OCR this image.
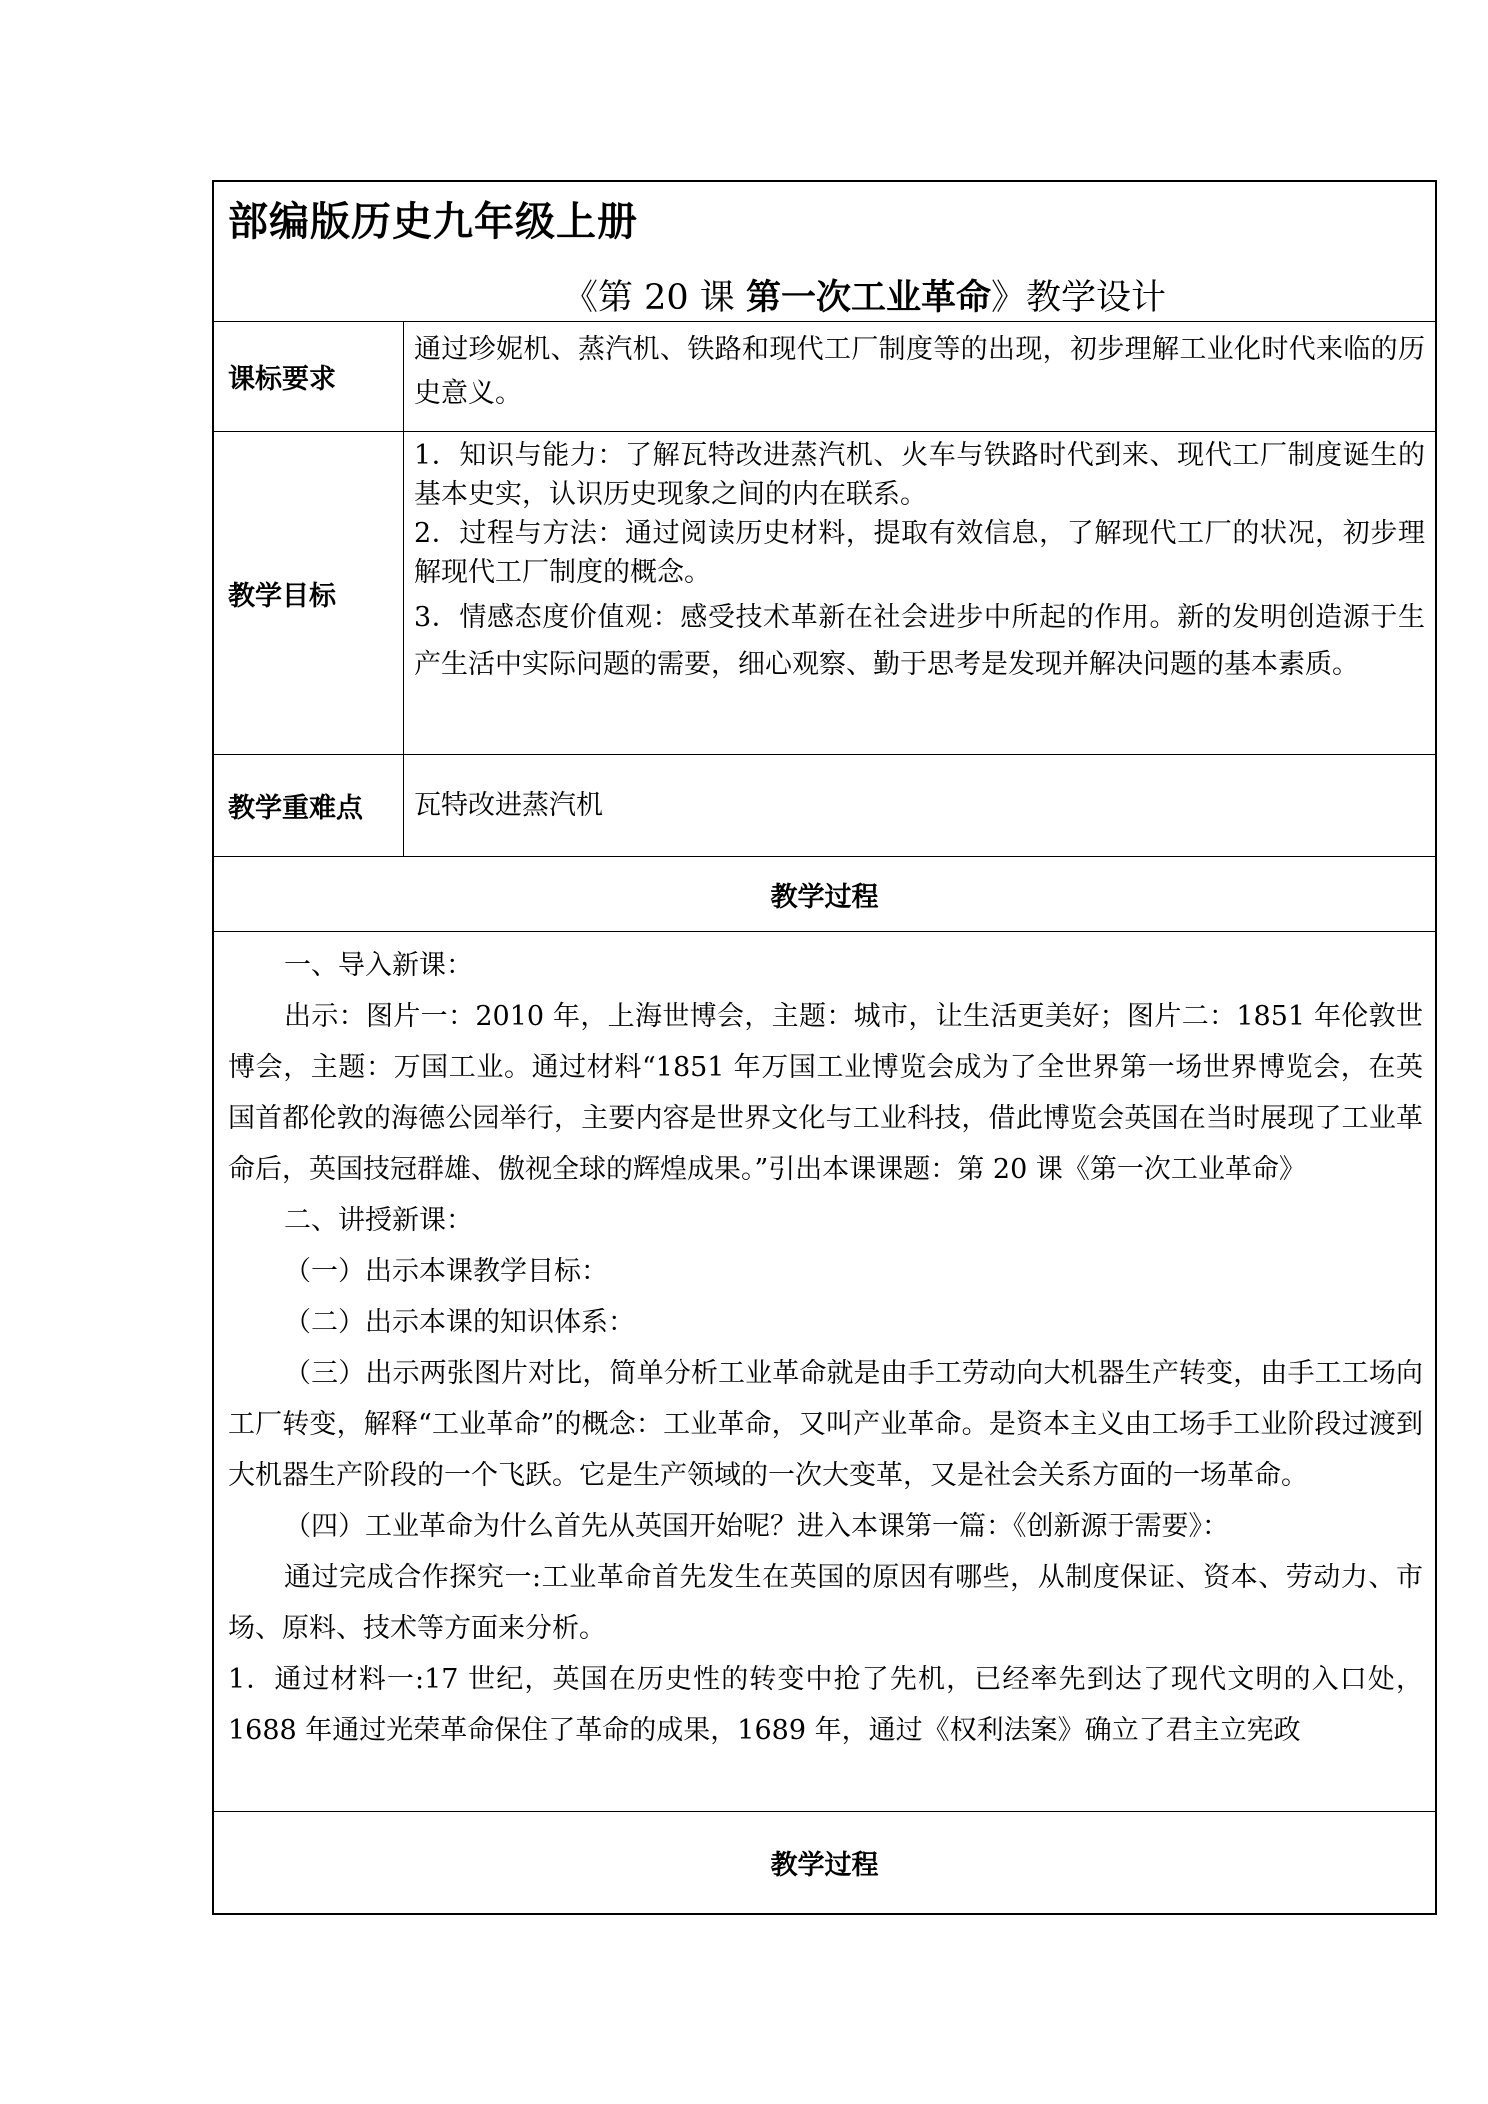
部编版历史九年级上册
《第 20 课 第一次工业革命》教学设计
课标要求

通过珍妮机、蒸汽机、铁路和现代工厂制度等的出现，初步理解工业化时代来临的历史意义。

教学目标

1．知识与能力：了解瓦特改进蒸汽机、火车与铁路时代到来、现代工厂制度诞生的基本史实，认识历史现象之间的内在联系。

2．过程与方法：通过阅读历史材料，提取有效信息，了解现代工厂的状况，初步理解现代工厂制度的概念。

3．情感态度价值观：感受技术革新在社会进步中所起的作用。新的发明创造源于生产生活中实际问题的需要，细心观察、勤于思考是发现并解决问题的基本素质。

教学重难点	瓦特改进蒸汽机

教学过程

一、导入新课：

出示：图片一：2010 年，上海世博会，主题：城市，让生活更美好；图片二：1851 年伦敦世博会，主题：万国工业。通过材料“1851 年万国工业博览会成为了全世界第一场世界博览会，在英国首都伦敦的海德公园举行，主要内容是世界文化与工业科技，借此博览会英国在当时展现了工业革命后，英国技冠群雄、傲视全球的辉煌成果。”引出本课课题：第 20 课《第一次工业革命》

二、讲授新课：

（一）出示本课教学目标：

（二）出示本课的知识体系：

（三）出示两张图片对比，简单分析工业革命就是由手工劳动向大机器生产转变，由手工工场向工厂转变，解释“工业革命”的概念：工业革命，又叫产业革命。是资本主义由工场手工业阶段过渡到大机器生产阶段的一个飞跃。它是生产领域的一次大变革，又是社会关系方面的一场革命。

（四）工业革命为什么首先从英国开始呢？进入本课第一篇：《创新源于需要》：

通过完成合作探究一:工业革命首先发生在英国的原因有哪些，从制度保证、资本、劳动力、市场、原料、技术等方面来分析。

1．通过材料一:17 世纪，英国在历史性的转变中抢了先机，已经率先到达了现代文明的入口处，1688 年通过光荣革命保住了革命的成果，1689 年，通过《权利法案》确立了君主立宪政

教学过程
